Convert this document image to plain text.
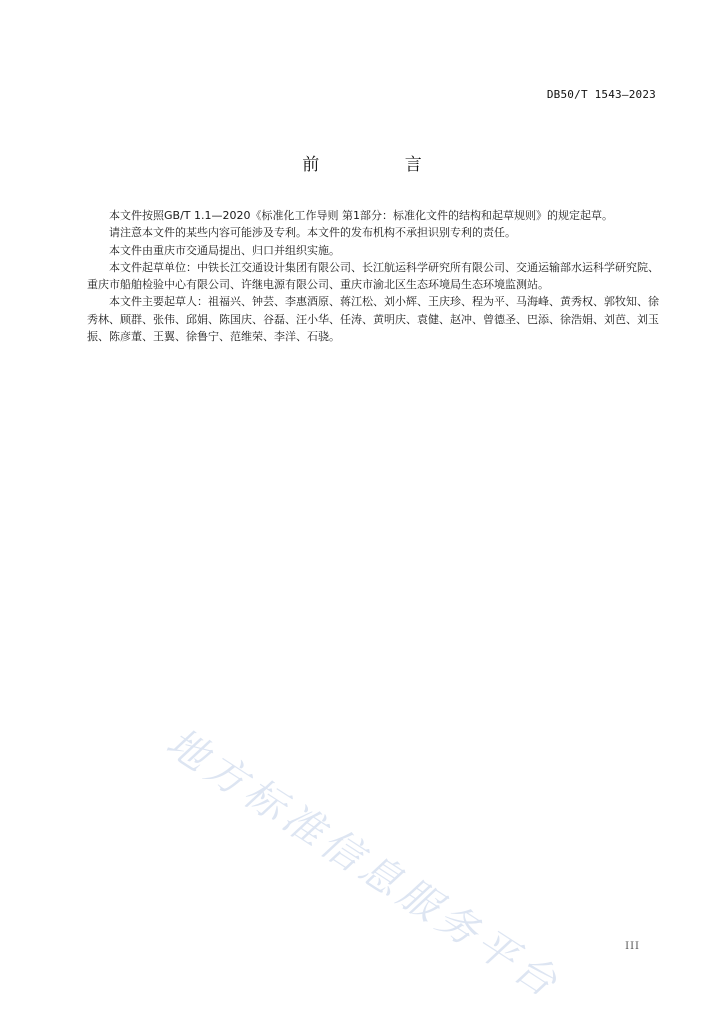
DB50/T 1543—2023
前 言

本文件按照GB/T 1.1—2020《标准化工作导则 第1部分：标准化文件的结构和起草规则》的规定起草。

请注意本文件的某些内容可能涉及专利。本文件的发布机构不承担识别专利的责任。

本文件由重庆市交通局提出、归口并组织实施。

本文件起草单位：中铁长江交通设计集团有限公司、长江航运科学研究所有限公司、交通运输部水运科学研究院、重庆市船舶检验中心有限公司、许继电源有限公司、重庆市渝北区生态环境局生态环境监测站。

本文件主要起草人：祖福兴、钟芸、李惠酒原、蒋江松、刘小辉、王庆珍、程为平、马海峰、黄秀权、郭牧知、徐秀林、顾群、张伟、邱娟、陈国庆、谷磊、汪小华、任涛、黄明庆、袁健、赵冲、曾德圣、巴添、徐浩娟、刘芭、刘玉振、陈彦董、王翼、徐鲁宁、范维荣、李洋、石骁。

地方标准信息服务平台	III
